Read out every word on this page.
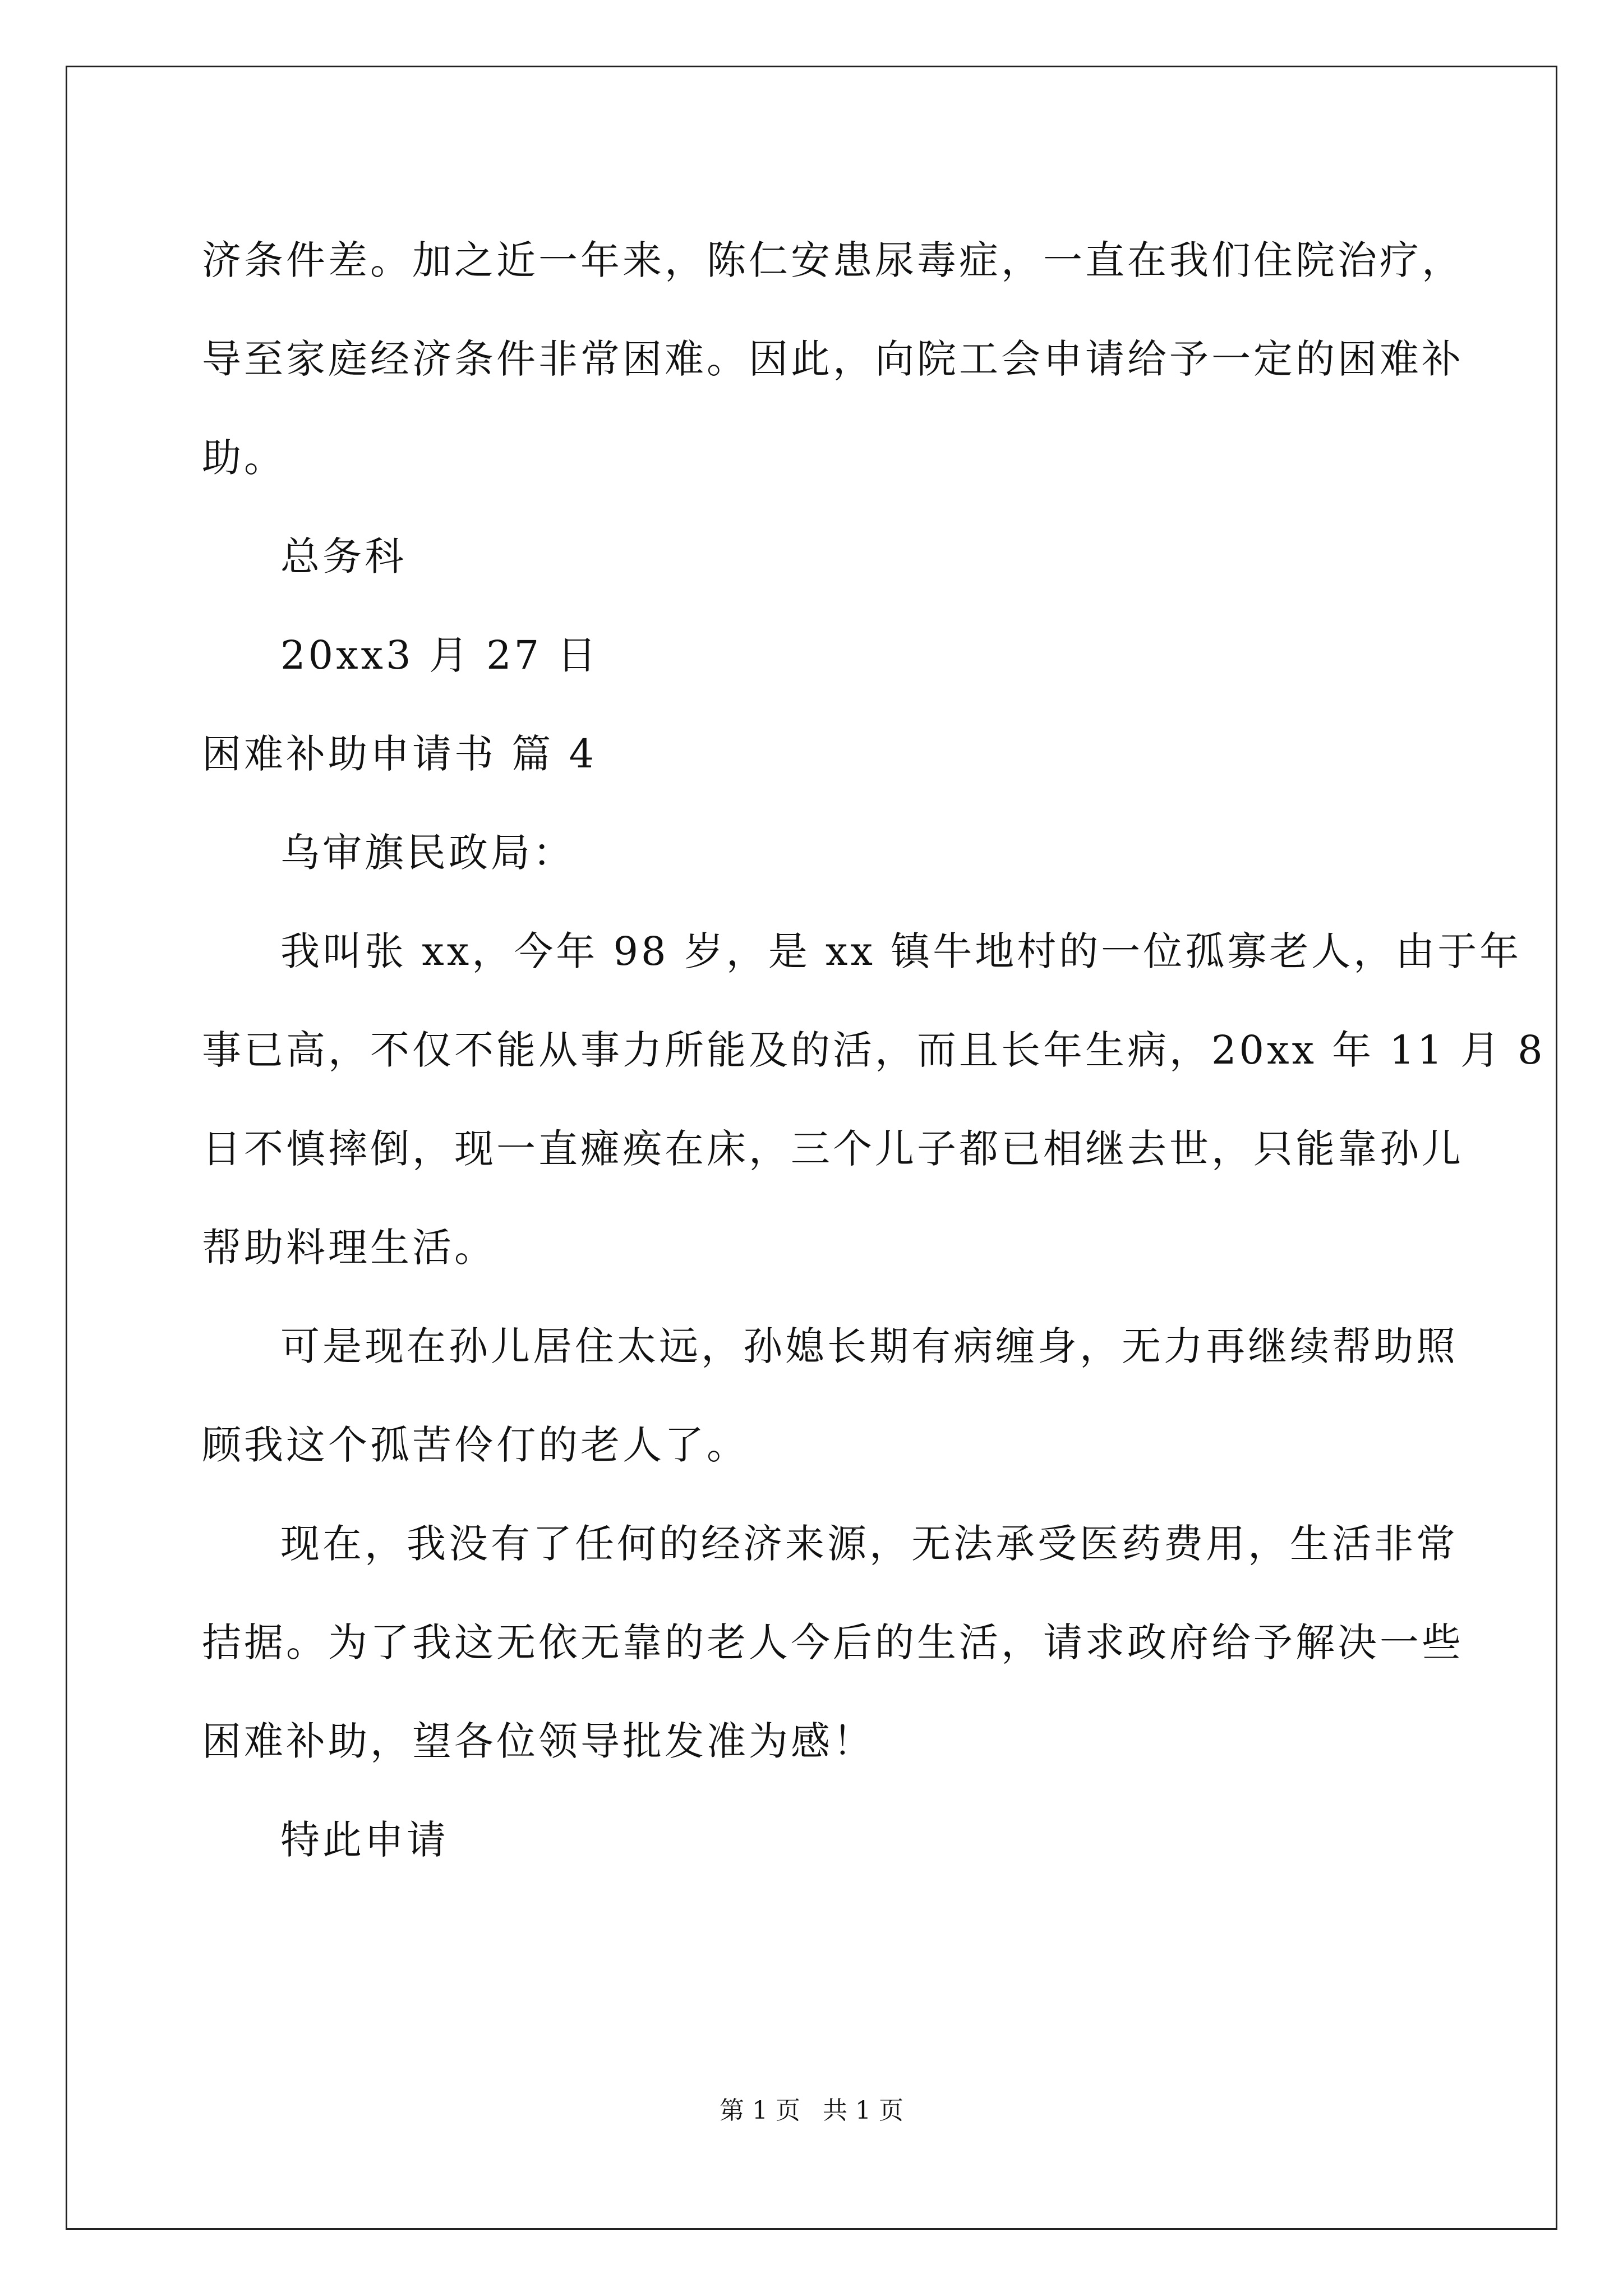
济条件差。加之近一年来，陈仁安患尿毒症，一直在我们住院治疗，
导至家庭经济条件非常困难。因此，向院工会申请给予一定的困难补
助。
总务科
20xx3 月 27 日
困难补助申请书 篇 4
乌审旗民政局：
我叫张 xx，今年 98 岁，是 xx 镇牛地村的一位孤寡老人，由于年
事已高，不仅不能从事力所能及的活，而且长年生病，20xx 年 11 月 8
日不慎摔倒，现一直瘫痪在床，三个儿子都已相继去世，只能靠孙儿
帮助料理生活。
可是现在孙儿居住太远，孙媳长期有病缠身，无力再继续帮助照
顾我这个孤苦伶仃的老人了。
现在，我没有了任何的经济来源，无法承受医药费用，生活非常
拮据。为了我这无依无靠的老人今后的生活，请求政府给予解决一些
困难补助，望各位领导批发准为感！
特此申请
第 1 页 共 1 页
